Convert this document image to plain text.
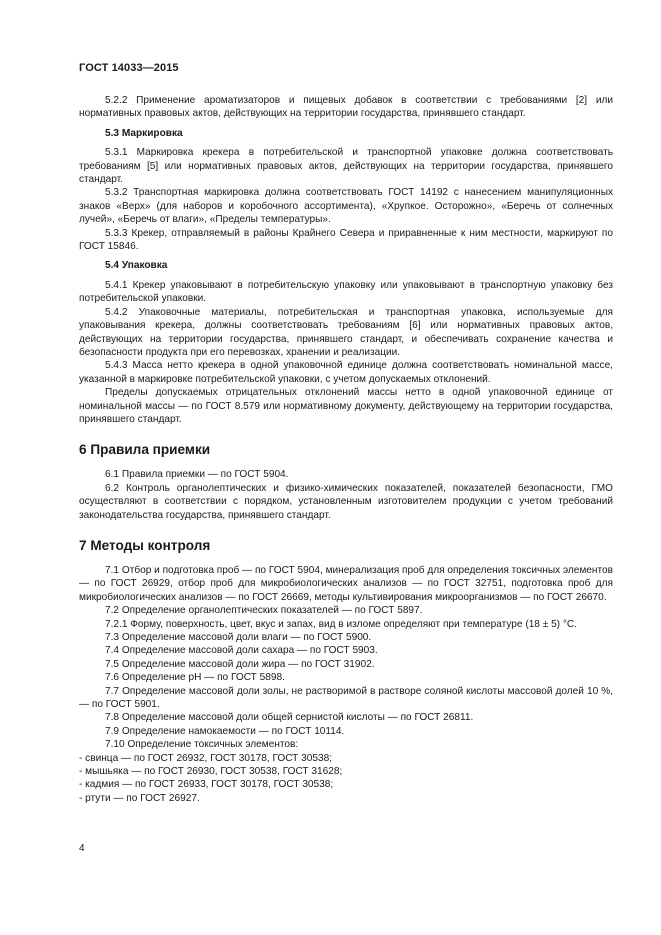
ГОСТ 14033—2015

5.2.2 Применение ароматизаторов и пищевых добавок в соответствии с требованиями [2] или нормативных правовых актов, действующих на территории государства, принявшего стандарт.

5.3 Маркировка

5.3.1 Маркировка крекера в потребительской и транспортной упаковке должна соответствовать требованиям [5] или нормативных правовых актов, действующих на территории государства, принявшего стандарт.

5.3.2 Транспортная маркировка должна соответствовать ГОСТ 14192 с нанесением манипуляционных знаков «Верх» (для наборов и коробочного ассортимента), «Хрупкое. Осторожно», «Беречь от солнечных лучей», «Беречь от влаги», «Пределы температуры».

5.3.3 Крекер, отправляемый в районы Крайнего Севера и приравненные к ним местности, маркируют по ГОСТ 15846.

5.4 Упаковка

5.4.1 Крекер упаковывают в потребительскую упаковку или упаковывают в транспортную упаковку без потребительской упаковки.

5.4.2 Упаковочные материалы, потребительская и транспортная упаковка, используемые для упаковывания крекера, должны соответствовать требованиям [6] или нормативных правовых актов, действующих на территории государства, принявшего стандарт, и обеспечивать сохранение качества и безопасности продукта при его перевозках, хранении и реализации.

5.4.3 Масса нетто крекера в одной упаковочной единице должна соответствовать номинальной массе, указанной в маркировке потребительской упаковки, с учетом допускаемых отклонений.

Пределы допускаемых отрицательных отклонений массы нетто в одной упаковочной единице от номинальной массы — по ГОСТ 8.579 или нормативному документу, действующему на территории государства, принявшего стандарт.

6 Правила приемки

6.1 Правила приемки — по ГОСТ 5904.

6.2 Контроль органолептических и физико-химических показателей, показателей безопасности, ГМО осуществляют в соответствии с порядком, установленным изготовителем продукции с учетом требований законодательства государства, принявшего стандарт.

7 Методы контроля

7.1 Отбор и подготовка проб — по ГОСТ 5904, минерализация проб для определения токсичных элементов — по ГОСТ 26929, отбор проб для микробиологических анализов — по ГОСТ 32751, подготовка проб для микробиологических анализов — по ГОСТ 26669, методы культивирования микроорганизмов — по ГОСТ 26670.

7.2 Определение органолептических показателей — по ГОСТ 5897.

7.2.1 Форму, поверхность, цвет, вкус и запах, вид в изломе определяют при температуре (18 ± 5) °С.

7.3 Определение массовой доли влаги — по ГОСТ 5900.

7.4 Определение массовой доли сахара — по ГОСТ 5903.

7.5 Определение массовой доли жира — по ГОСТ 31902.

7.6 Определение рН — по ГОСТ 5898.

7.7 Определение массовой доли золы, не растворимой в растворе соляной кислоты массовой долей 10 %, — по ГОСТ 5901.

7.8 Определение массовой доли общей сернистой кислоты — по ГОСТ 26811.

7.9 Определение намокаемости — по ГОСТ 10114.

7.10 Определение токсичных элементов:

- свинца — по ГОСТ 26932, ГОСТ 30178, ГОСТ 30538;

- мышьяка — по ГОСТ 26930, ГОСТ 30538, ГОСТ 31628;

- кадмия — по ГОСТ 26933, ГОСТ 30178, ГОСТ 30538;

- ртути — по ГОСТ 26927.

4
